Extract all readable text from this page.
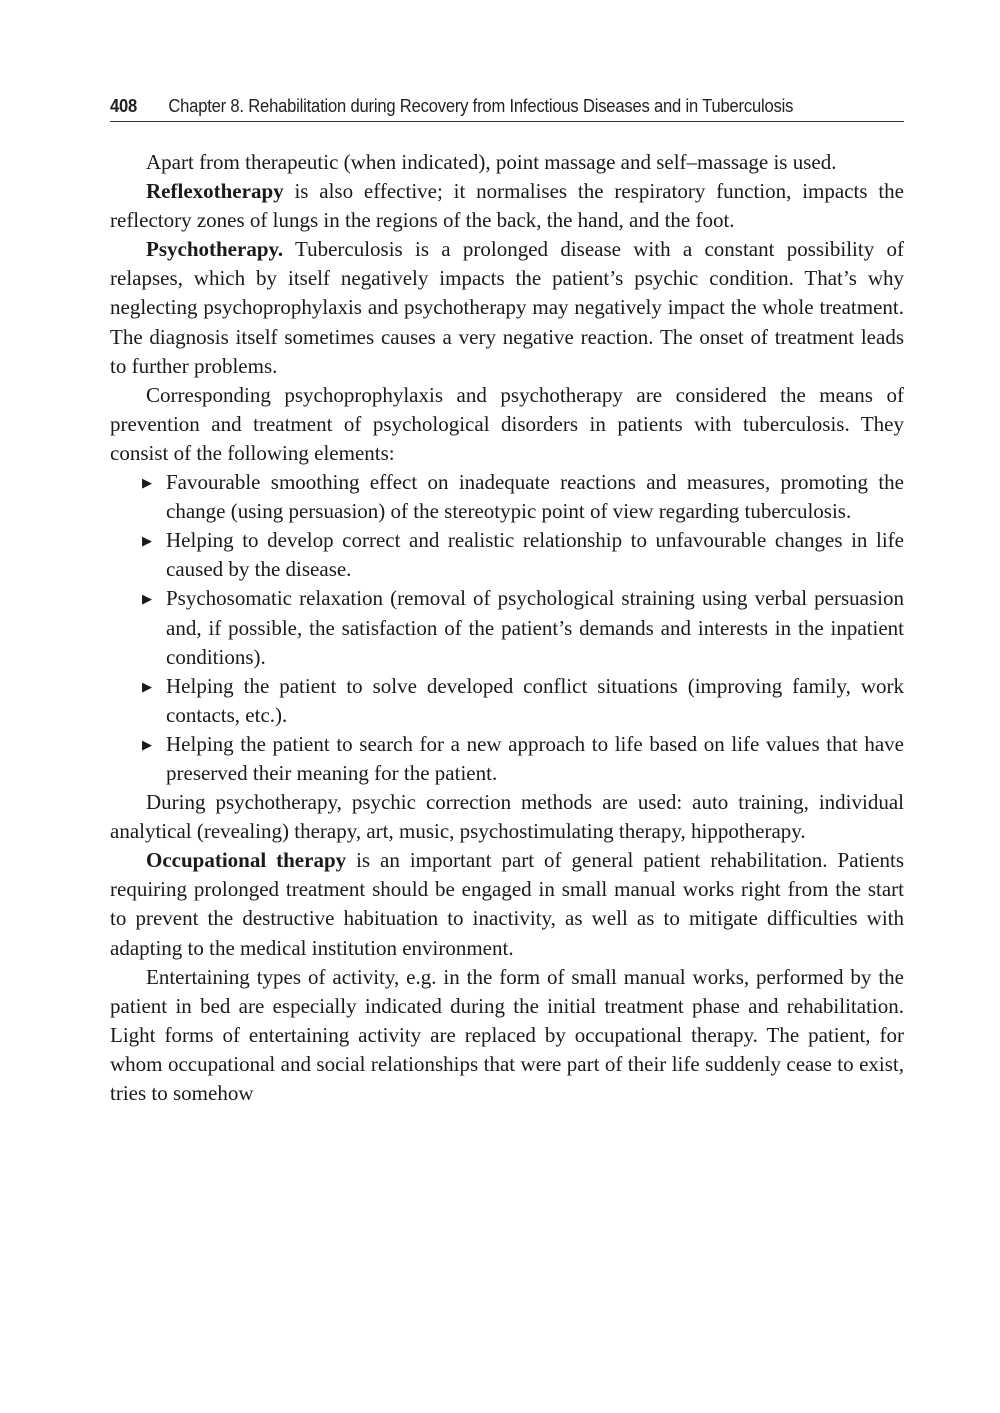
408 Chapter 8. Rehabilitation during Recovery from Infectious Diseases and in Tuberculosis

Apart from therapeutic (when indicated), point massage and self–massage is used.

Reflexotherapy is also effective; it normalises the respiratory function, impacts the reflectory zones of lungs in the regions of the back, the hand, and the foot.

Psychotherapy. Tuberculosis is a prolonged disease with a constant possibility of relapses, which by itself negatively impacts the patient’s psychic condition. That’s why neglecting psychoprophylaxis and psychotherapy may negatively impact the whole treatment. The diagnosis itself sometimes causes a very negative reaction. The onset of treatment leads to further problems.

Corresponding psychoprophylaxis and psychotherapy are considered the means of prevention and treatment of psychological disorders in patients with tuberculosis. They consist of the following elements:

▶ Favourable smoothing effect on inadequate reactions and measures, promoting the change (using persuasion) of the stereotypic point of view regarding tuberculosis.
▶ Helping to develop correct and realistic relationship to unfavourable changes in life caused by the disease.
▶ Psychosomatic relaxation (removal of psychological straining using verbal persuasion and, if possible, the satisfaction of the patient’s demands and interests in the inpatient conditions).
▶ Helping the patient to solve developed conflict situations (improving family, work contacts, etc.).
▶ Helping the patient to search for a new approach to life based on life values that have preserved their meaning for the patient.

During psychotherapy, psychic correction methods are used: auto training, individual analytical (revealing) therapy, art, music, psychostimulating therapy, hippotherapy.

Occupational therapy is an important part of general patient rehabilitation. Patients requiring prolonged treatment should be engaged in small manual works right from the start to prevent the destructive habituation to inactivity, as well as to mitigate difficulties with adapting to the medical institution environment.

Entertaining types of activity, e.g. in the form of small manual works, performed by the patient in bed are especially indicated during the initial treatment phase and rehabilitation. Light forms of entertaining activity are replaced by occupational therapy. The patient, for whom occupational and social relationships that were part of their life suddenly cease to exist, tries to somehow
